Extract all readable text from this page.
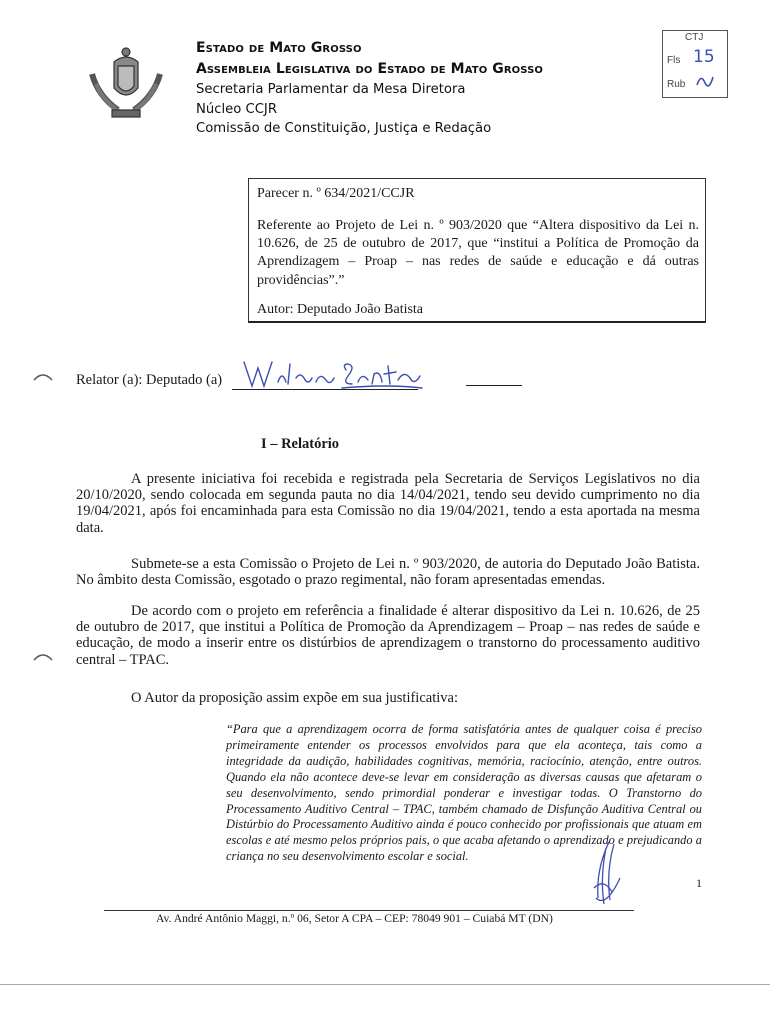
Estado de Mato Grosso
Assembleia Legislativa do Estado de Mato Grosso
Secretaria Parlamentar da Mesa Diretora
Núcleo CCJR
Comissão de Constituição, Justiça e Redação
CTJ
Fls 15
Rub

Parecer n. º 634/2021/CCJR

Referente ao Projeto de Lei n. º 903/2020 que “Altera dispositivo da Lei n. 10.626, de 25 de outubro de 2017, que “institui a Política de Promoção da Aprendizagem – Proap – nas redes de saúde e educação e dá outras providências”.”

Autor: Deputado João Batista

Relator (a): Deputado (a)
I – Relatório

A presente iniciativa foi recebida e registrada pela Secretaria de Serviços Legislativos no dia 20/10/2020, sendo colocada em segunda pauta no dia 14/04/2021, tendo seu devido cumprimento no dia 19/04/2021, após foi encaminhada para esta Comissão no dia 19/04/2021, tendo a esta aportada na mesma data.

Submete-se a esta Comissão o Projeto de Lei n. º 903/2020, de autoria do Deputado João Batista. No âmbito desta Comissão, esgotado o prazo regimental, não foram apresentadas emendas.

De acordo com o projeto em referência a finalidade é alterar dispositivo da Lei n. 10.626, de 25 de outubro de 2017, que institui a Política de Promoção da Aprendizagem – Proap – nas redes de saúde e educação, de modo a inserir entre os distúrbios de aprendizagem o transtorno do processamento auditivo central – TPAC.

O Autor da proposição assim expõe em sua justificativa:

“Para que a aprendizagem ocorra de forma satisfatória antes de qualquer coisa é preciso primeiramente entender os processos envolvidos para que ela aconteça, tais como a integridade da audição, habilidades cognitivas, memória, raciocínio, atenção, entre outros. Quando ela não acontece deve-se levar em consideração as diversas causas que afetaram o seu desenvolvimento, sendo primordial ponderar e investigar todas. O Transtorno do Processamento Auditivo Central – TPAC, também chamado de Disfunção Auditiva Central ou Distúrbio do Processamento Auditivo ainda é pouco conhecido por profissionais que atuam em escolas e até mesmo pelos próprios pais, o que acaba afetando o aprendizado e prejudicando a criança no seu desenvolvimento escolar e social.

1
Av. André Antônio Maggi, n.º 06, Setor A CPA – CEP: 78049 901 – Cuiabá MT (DN)
